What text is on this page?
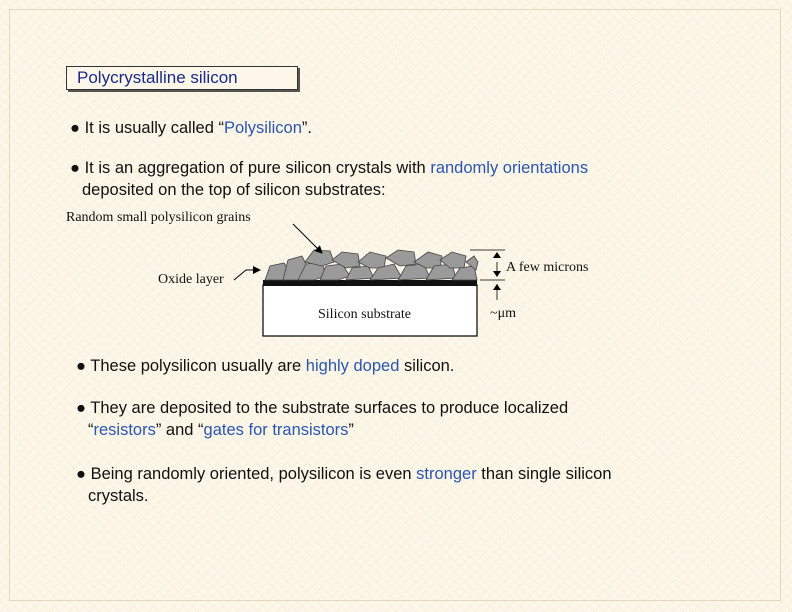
Polycrystalline silicon
● It is usually called “Polysilicon”.
● It is an aggregation of pure silicon crystals with randomly orientations
deposited on the top of silicon substrates:
Random small polysilicon grains
Oxide layer
Silicon substrate
A few microns
~μm
● These polysilicon usually are highly doped silicon.
● They are deposited to the substrate surfaces to produce localized
“resistors” and “gates for transistors”
● Being randomly oriented, polysilicon is even stronger than single silicon
crystals.
